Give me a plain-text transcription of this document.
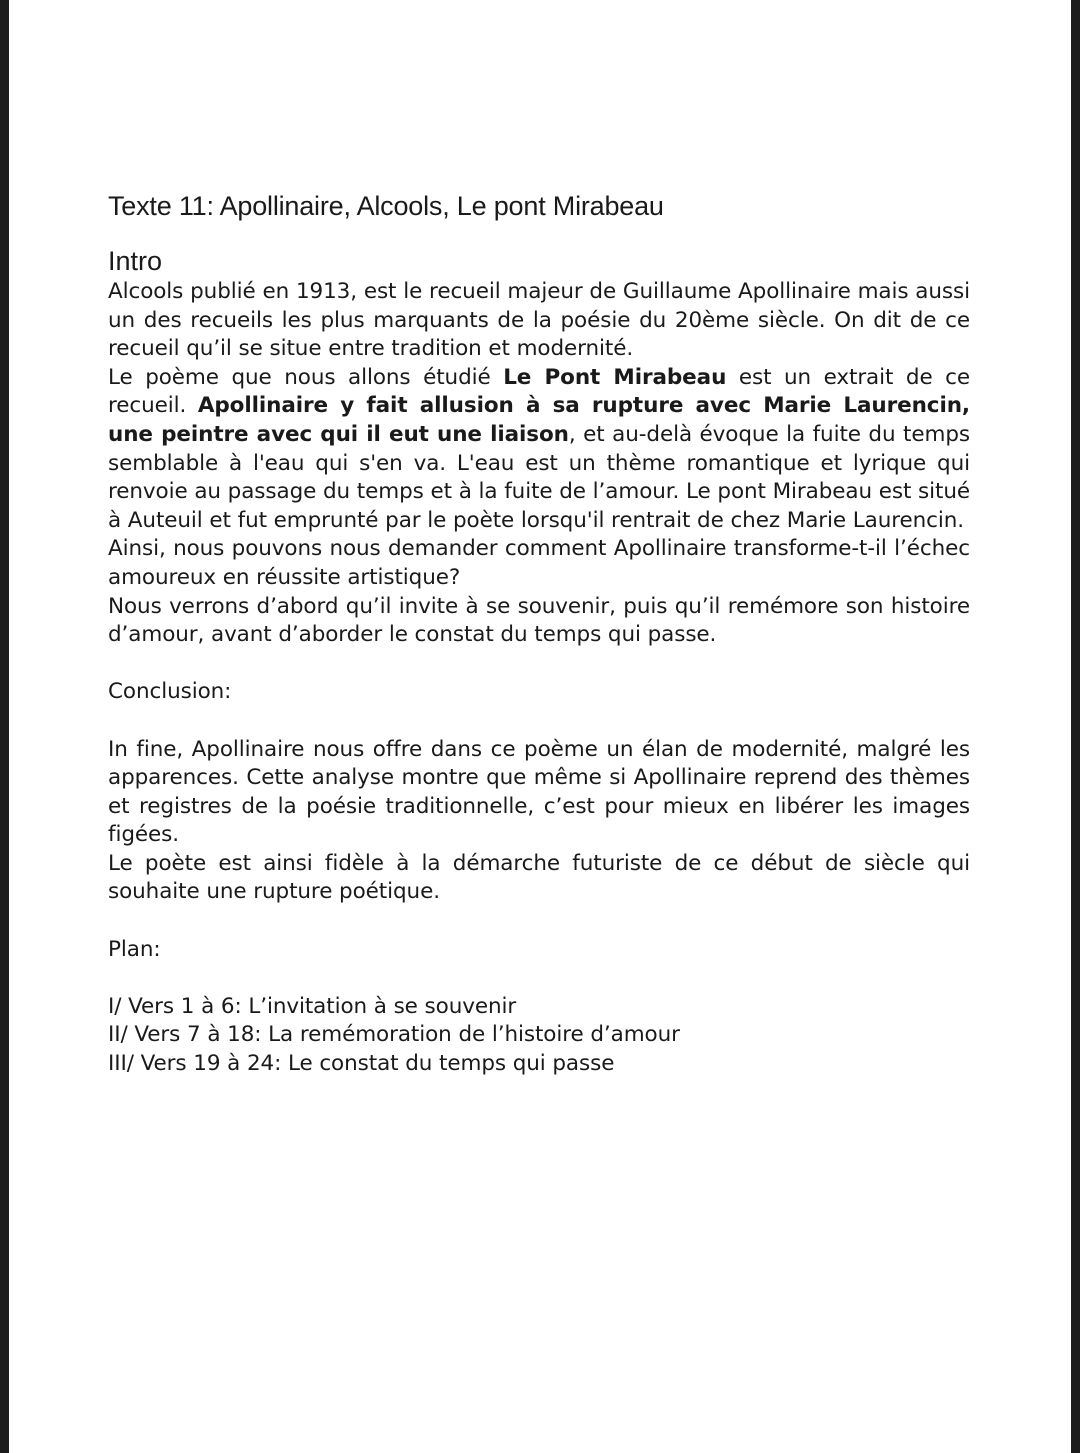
Texte 11: Apollinaire, Alcools, Le pont Mirabeau
Intro

Alcools publié en 1913, est le recueil majeur de Guillaume Apollinaire mais aussi un des recueils les plus marquants de la poésie du 20ème siècle. On dit de ce recueil qu’il se situe entre tradition et modernité.

Le poème que nous allons étudié Le Pont Mirabeau est un extrait de ce recueil. Apollinaire y fait allusion à sa rupture avec Marie Laurencin, une peintre avec qui il eut une liaison, et au-delà évoque la fuite du temps semblable à l'eau qui s'en va. L'eau est un thème romantique et lyrique qui renvoie au passage du temps et à la fuite de l’amour. Le pont Mirabeau est situé à Auteuil et fut emprunté par le poète lorsqu'il rentrait de chez Marie Laurencin.

Ainsi, nous pouvons nous demander comment Apollinaire transforme-t-il l’échec amoureux en réussite artistique?

Nous verrons d’abord qu’il invite à se souvenir, puis qu’il remémore son histoire d’amour, avant d’aborder le constat du temps qui passe.

Conclusion:

In fine, Apollinaire nous offre dans ce poème un élan de modernité, malgré les apparences. Cette analyse montre que même si Apollinaire reprend des thèmes et registres de la poésie traditionnelle, c’est pour mieux en libérer les images figées.

Le poète est ainsi fidèle à la démarche futuriste de ce début de siècle qui souhaite une rupture poétique.

Plan:

I/ Vers 1 à 6: L’invitation à se souvenir
II/ Vers 7 à 18: La remémoration de l’histoire d’amour
III/ Vers 19 à 24: Le constat du temps qui passe
